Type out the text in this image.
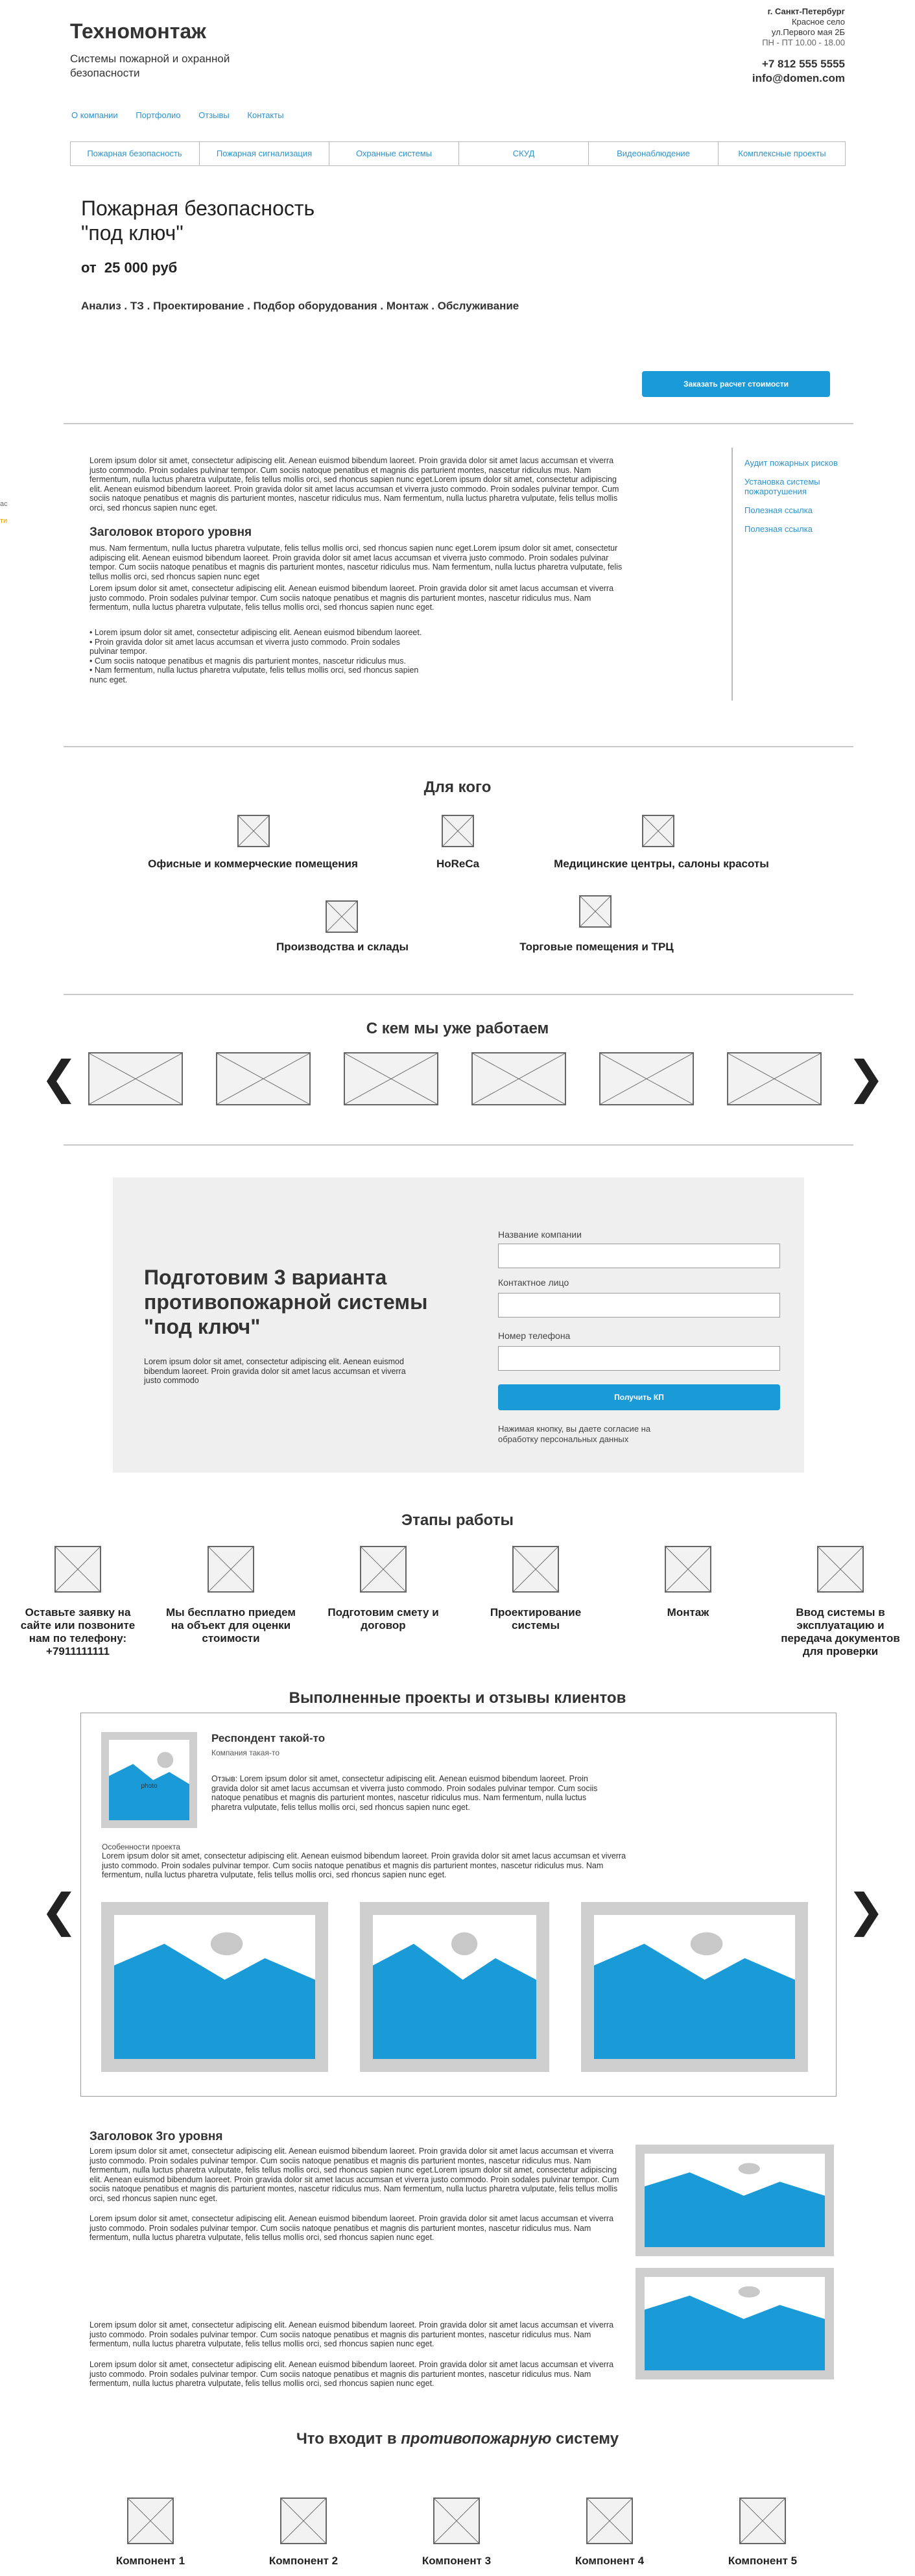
Техномонтаж
Системы пожарной и охранной безопасности
г. Санкт-Петербург
Красное село
ул.Первого мая 2Б
ПН - ПТ 10.00 - 18.00
+7 812 555 5555
info@domen.com
О компании Портфолио Отзывы Контакты
Пожарная безопасность	Пожарная сигнализация	Охранные системы	СКУД	Видеонаблюдение	Комплексные проекты
Пожарная безопасность
"под ключ"
от  25 000 руб
Анализ . ТЗ . Проектирование . Подбор оборудования . Монтаж . Обслуживание
Заказать расчет стоимости
Lorem ipsum dolor sit amet, consectetur adipiscing elit. Aenean euismod bibendum laoreet. Proin gravida dolor sit amet lacus accumsan et viverra justo commodo. Proin sodales pulvinar tempor. Cum sociis natoque penatibus et magnis dis parturient montes, nascetur ridiculus mus. Nam fermentum, nulla luctus pharetra vulputate, felis tellus mollis orci, sed rhoncus sapien nunc eget.Lorem ipsum dolor sit amet, consectetur adipiscing elit. Aenean euismod bibendum laoreet. Proin gravida dolor sit amet lacus accumsan et viverra justo commodo. Proin sodales pulvinar tempor. Cum sociis natoque penatibus et magnis dis parturient montes, nascetur ridiculus mus. Nam fermentum, nulla luctus pharetra vulputate, felis tellus mollis orci, sed rhoncus sapien nunc eget.
Заголовок второго уровня
mus. Nam fermentum, nulla luctus pharetra vulputate, felis tellus mollis orci, sed rhoncus sapien nunc eget.Lorem ipsum dolor sit amet, consectetur adipiscing elit. Aenean euismod bibendum laoreet. Proin gravida dolor sit amet lacus accumsan et viverra justo commodo. Proin sodales pulvinar tempor. Cum sociis natoque penatibus et magnis dis parturient montes, nascetur ridiculus mus. Nam fermentum, nulla luctus pharetra vulputate, felis tellus mollis orci, sed rhoncus sapien nunc eget
Lorem ipsum dolor sit amet, consectetur adipiscing elit. Aenean euismod bibendum laoreet. Proin gravida dolor sit amet lacus accumsan et viverra justo commodo. Proin sodales pulvinar tempor. Cum sociis natoque penatibus et magnis dis parturient montes, nascetur ridiculus mus. Nam fermentum, nulla luctus pharetra vulputate, felis tellus mollis orci, sed rhoncus sapien nunc eget.
• Lorem ipsum dolor sit amet, consectetur adipiscing elit. Aenean euismod bibendum laoreet.
• Proin gravida dolor sit amet lacus accumsan et viverra justo commodo. Proin sodales pulvinar tempor.
• Cum sociis natoque penatibus et magnis dis parturient montes, nascetur ridiculus mus.
• Nam fermentum, nulla luctus pharetra vulputate, felis tellus mollis orci, sed rhoncus sapien nunc eget.
Аудит пожарных рисков
Установка системы пожаротушения
Полезная ссылка
Полезная ссылка
ас
ти
Для кого
Офисные и коммерческие помещения	HoReCa	Медицинские центры, салоны красоты
Производства и склады	Торговые помещения и ТРЦ
С кем мы уже работаем
❮	❯
Подготовим 3 варианта
противопожарной системы
"под ключ"
Lorem ipsum dolor sit amet, consectetur adipiscing elit. Aenean euismod bibendum laoreet. Proin gravida dolor sit amet lacus accumsan et viverra justo commodo
Название компании
Контактное лицо
Номер телефона
Получить КП
Нажимая кнопку, вы даете согласие на обработку персональных данных
Этапы работы
Оставьте заявку на сайте или позвоните нам по телефону: +7911111111
Мы бесплатно приедем на объект для оценки стоимости
Подготовим смету и договор
Проектирование системы
Монтаж	Ввод системы в эксплуатацию и передача документов для проверки
Выполненные проекты и отзывы клиентов
❮	❯
photo
Респондент такой-то
Компания такая-то
Отзыв: Lorem ipsum dolor sit amet, consectetur adipiscing elit. Aenean euismod bibendum laoreet. Proin gravida dolor sit amet lacus accumsan et viverra justo commodo. Proin sodales pulvinar tempor. Cum sociis natoque penatibus et magnis dis parturient montes, nascetur ridiculus mus. Nam fermentum, nulla luctus pharetra vulputate, felis tellus mollis orci, sed rhoncus sapien nunc eget.
Особенности проекта
Lorem ipsum dolor sit amet, consectetur adipiscing elit. Aenean euismod bibendum laoreet. Proin gravida dolor sit amet lacus accumsan et viverra justo commodo. Proin sodales pulvinar tempor. Cum sociis natoque penatibus et magnis dis parturient montes, nascetur ridiculus mus. Nam fermentum, nulla luctus pharetra vulputate, felis tellus mollis orci, sed rhoncus sapien nunc eget.
Заголовок 3го уровня
Lorem ipsum dolor sit amet, consectetur adipiscing elit. Aenean euismod bibendum laoreet. Proin gravida dolor sit amet lacus accumsan et viverra justo commodo. Proin sodales pulvinar tempor. Cum sociis natoque penatibus et magnis dis parturient montes, nascetur ridiculus mus. Nam fermentum, nulla luctus pharetra vulputate, felis tellus mollis orci, sed rhoncus sapien nunc eget.Lorem ipsum dolor sit amet, consectetur adipiscing elit. Aenean euismod bibendum laoreet. Proin gravida dolor sit amet lacus accumsan et viverra justo commodo. Proin sodales pulvinar tempor. Cum sociis natoque penatibus et magnis dis parturient montes, nascetur ridiculus mus. Nam fermentum, nulla luctus pharetra vulputate, felis tellus mollis orci, sed rhoncus sapien nunc eget.
Lorem ipsum dolor sit amet, consectetur adipiscing elit. Aenean euismod bibendum laoreet. Proin gravida dolor sit amet lacus accumsan et viverra justo commodo. Proin sodales pulvinar tempor. Cum sociis natoque penatibus et magnis dis parturient montes, nascetur ridiculus mus. Nam fermentum, nulla luctus pharetra vulputate, felis tellus mollis orci, sed rhoncus sapien nunc eget.
Lorem ipsum dolor sit amet, consectetur adipiscing elit. Aenean euismod bibendum laoreet. Proin gravida dolor sit amet lacus accumsan et viverra justo commodo. Proin sodales pulvinar tempor. Cum sociis natoque penatibus et magnis dis parturient montes, nascetur ridiculus mus. Nam fermentum, nulla luctus pharetra vulputate, felis tellus mollis orci, sed rhoncus sapien nunc eget.
Lorem ipsum dolor sit amet, consectetur adipiscing elit. Aenean euismod bibendum laoreet. Proin gravida dolor sit amet lacus accumsan et viverra justo commodo. Proin sodales pulvinar tempor. Cum sociis natoque penatibus et magnis dis parturient montes, nascetur ridiculus mus. Nam fermentum, nulla luctus pharetra vulputate, felis tellus mollis orci, sed rhoncus sapien nunc eget.
Что входит в противопожарную систему
Компонент 1	Компонент 2	Компонент 3	Компонент 4	Компонент 5
